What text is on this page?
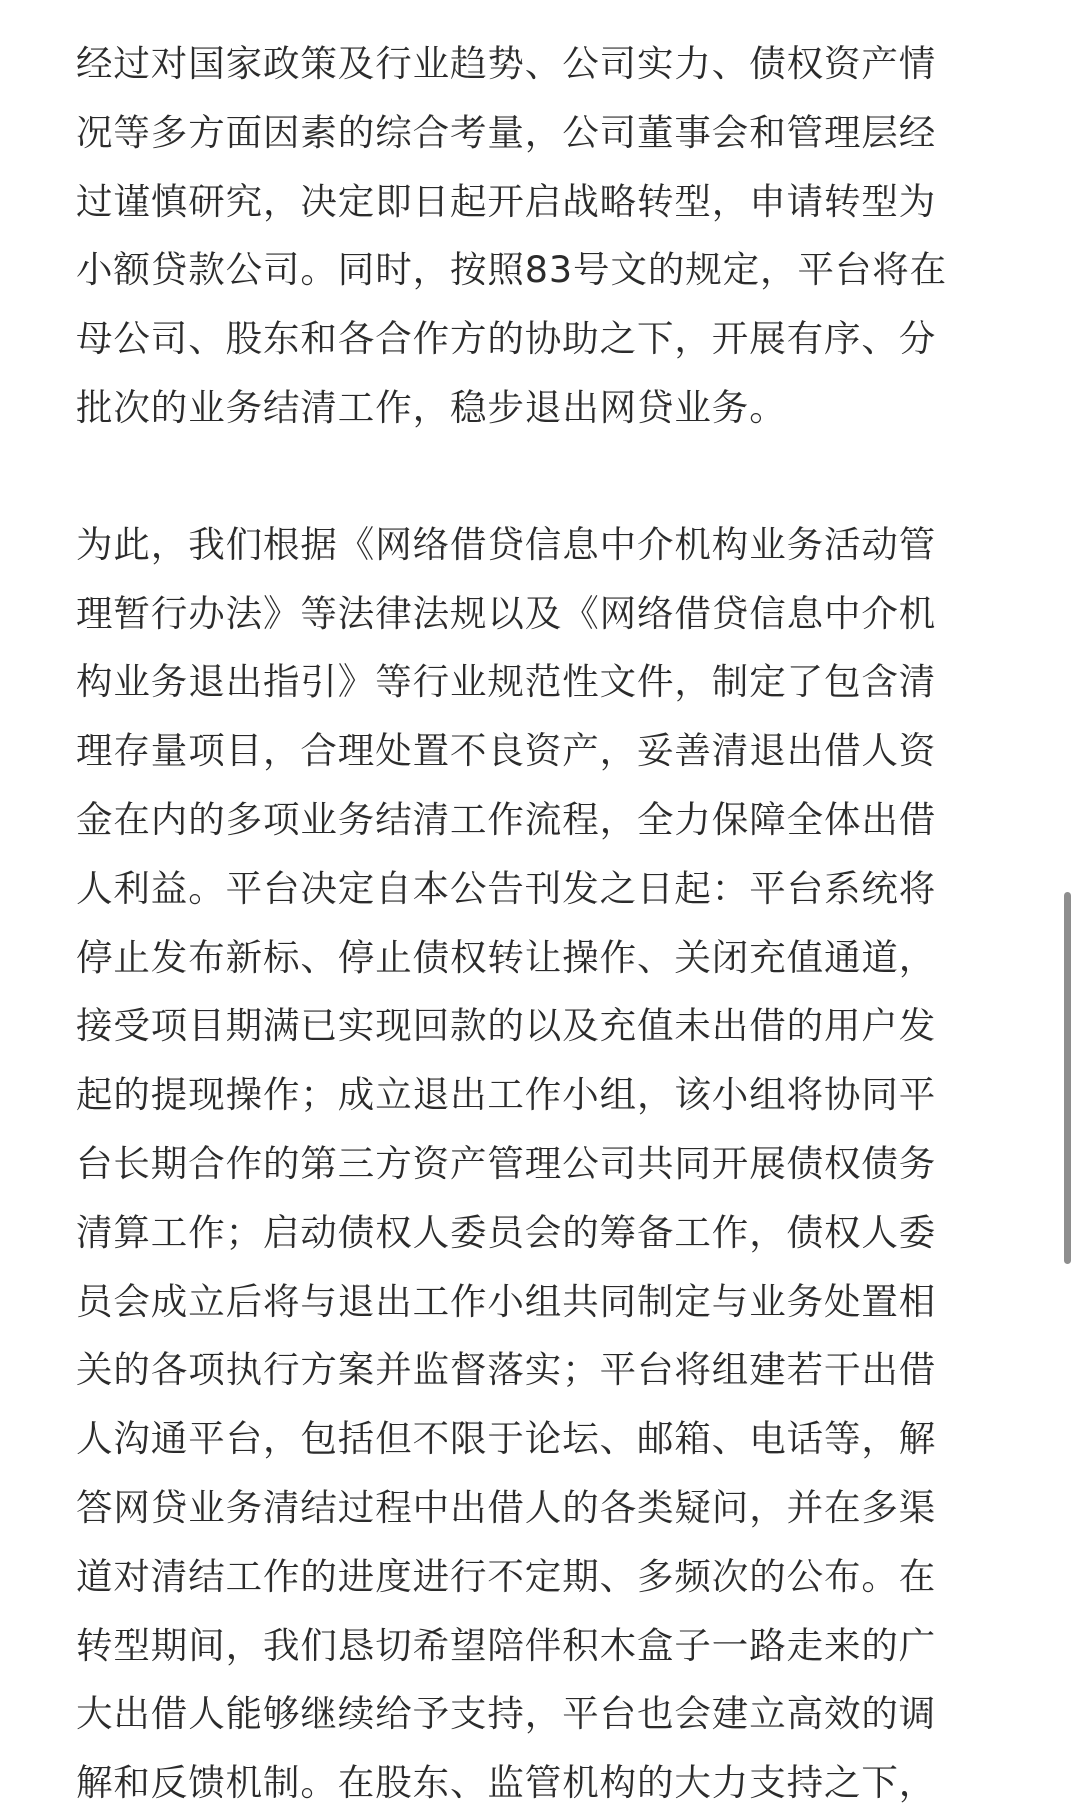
经过对国家政策及行业趋势、公司实力、债权资产情
况等多方面因素的综合考量，公司董事会和管理层经
过谨慎研究，决定即日起开启战略转型，申请转型为
小额贷款公司。同时，按照83号文的规定，平台将在
母公司、股东和各合作方的协助之下，开展有序、分
批次的业务结清工作，稳步退出网贷业务。

为此，我们根据《网络借贷信息中介机构业务活动管
理暂行办法》等法律法规以及《网络借贷信息中介机
构业务退出指引》等行业规范性文件，制定了包含清
理存量项目，合理处置不良资产，妥善清退出借人资
金在内的多项业务结清工作流程，全力保障全体出借
人利益。平台决定自本公告刊发之日起：平台系统将
停止发布新标、停止债权转让操作、关闭充值通道，
接受项目期满已实现回款的以及充值未出借的用户发
起的提现操作；成立退出工作小组，该小组将协同平
台长期合作的第三方资产管理公司共同开展债权债务
清算工作；启动债权人委员会的筹备工作，债权人委
员会成立后将与退出工作小组共同制定与业务处置相
关的各项执行方案并监督落实；平台将组建若干出借
人沟通平台，包括但不限于论坛、邮箱、电话等，解
答网贷业务清结过程中出借人的各类疑问，并在多渠
道对清结工作的进度进行不定期、多频次的公布。在
转型期间，我们恳切希望陪伴积木盒子一路走来的广
大出借人能够继续给予支持，平台也会建立高效的调
解和反馈机制。在股东、监管机构的大力支持之下，
